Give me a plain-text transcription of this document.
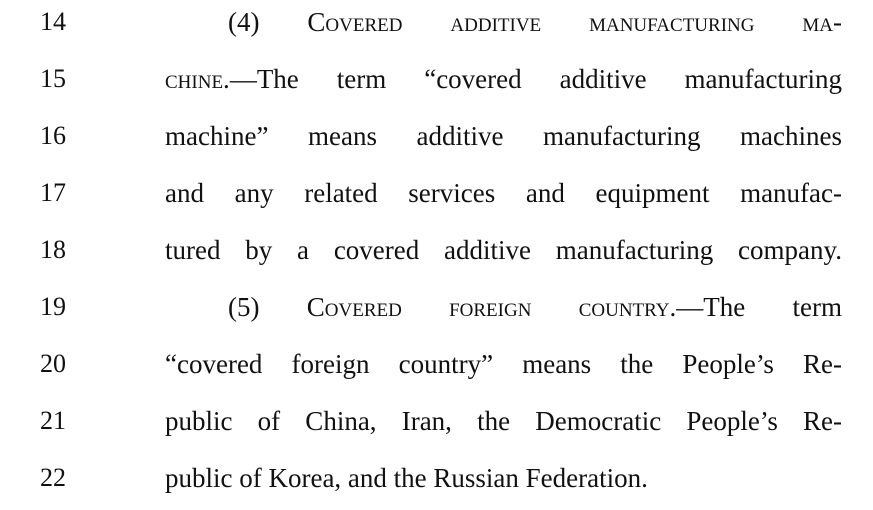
14	(4) Covered additive manufacturing ma-
15	chine.—The term “covered additive manufacturing
16	machine” means additive manufacturing machines
17	and any related services and equipment manufac-
18	tured by a covered additive manufacturing company.
19	(5) Covered foreign country.—The term
20	“covered foreign country” means the People’s Re-
21	public of China, Iran, the Democratic People’s Re-
22	public of Korea, and the Russian Federation.
